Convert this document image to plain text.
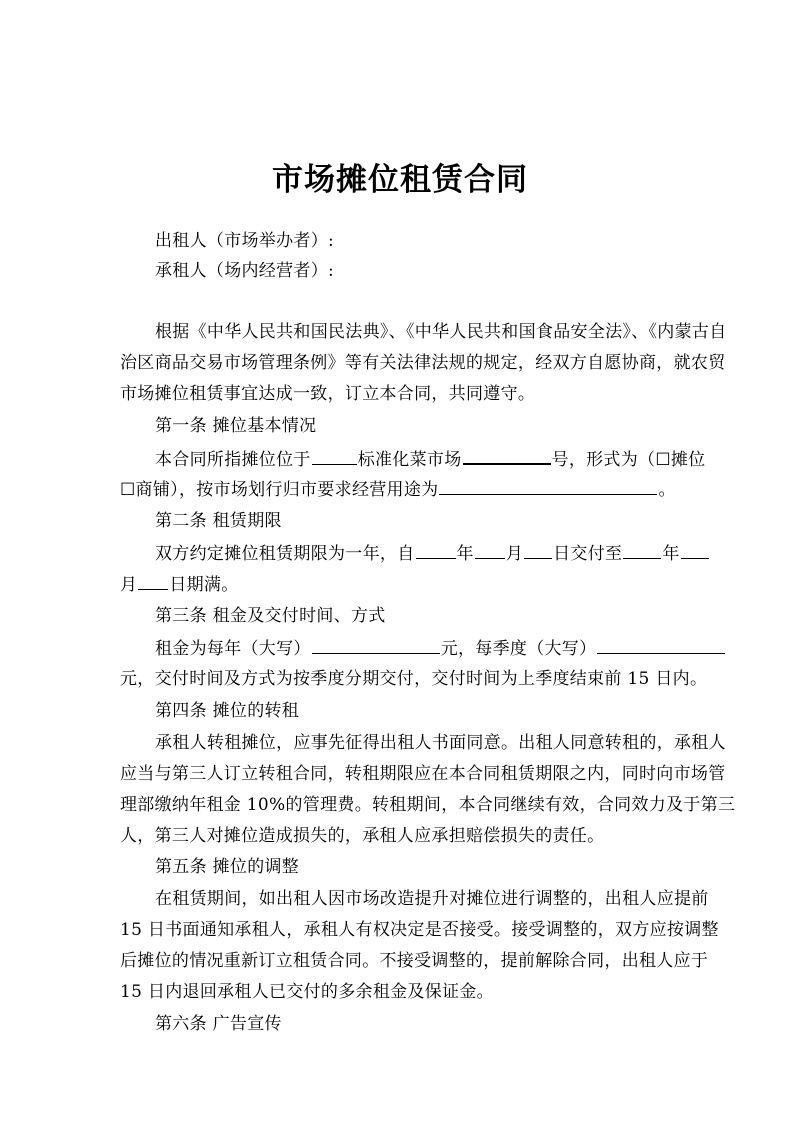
市场摊位租赁合同
出租人（市场举办者）:
承租人（场内经营者）:
根据《中华人民共和国民法典》、《中华人民共和国食品安全法》、《内蒙古自
治区商品交易市场管理条例》等有关法律法规的规定，经双方自愿协商，就农贸
市场摊位租赁事宜达成一致，订立本合同，共同遵守。
第一条 摊位基本情况
本合同所指摊位位于	标准化菜市场	号，形式为（☐摊位
☐商铺），按市场划行归市要求经营用途为	。
第二条 租赁期限
双方约定摊位租赁期限为一年，自 年 月 日交付至 年
月 日期满。
第三条 租金及交付时间、方式
租金为每年（大写）	元，每季度（大写）
元，交付时间及方式为按季度分期交付，交付时间为上季度结束前 15 日内。
第四条 摊位的转租
承租人转租摊位，应事先征得出租人书面同意。出租人同意转租的，承租人
应当与第三人订立转租合同，转租期限应在本合同租赁期限之内，同时向市场管
理部缴纳年租金 10%的管理费。转租期间，本合同继续有效，合同效力及于第三
人，第三人对摊位造成损失的，承租人应承担赔偿损失的责任。
第五条 摊位的调整
在租赁期间，如出租人因市场改造提升对摊位进行调整的，出租人应提前
15 日书面通知承租人，承租人有权决定是否接受。接受调整的，双方应按调整
后摊位的情况重新订立租赁合同。不接受调整的，提前解除合同，出租人应于
15 日内退回承租人已交付的多余租金及保证金。
第六条 广告宣传
